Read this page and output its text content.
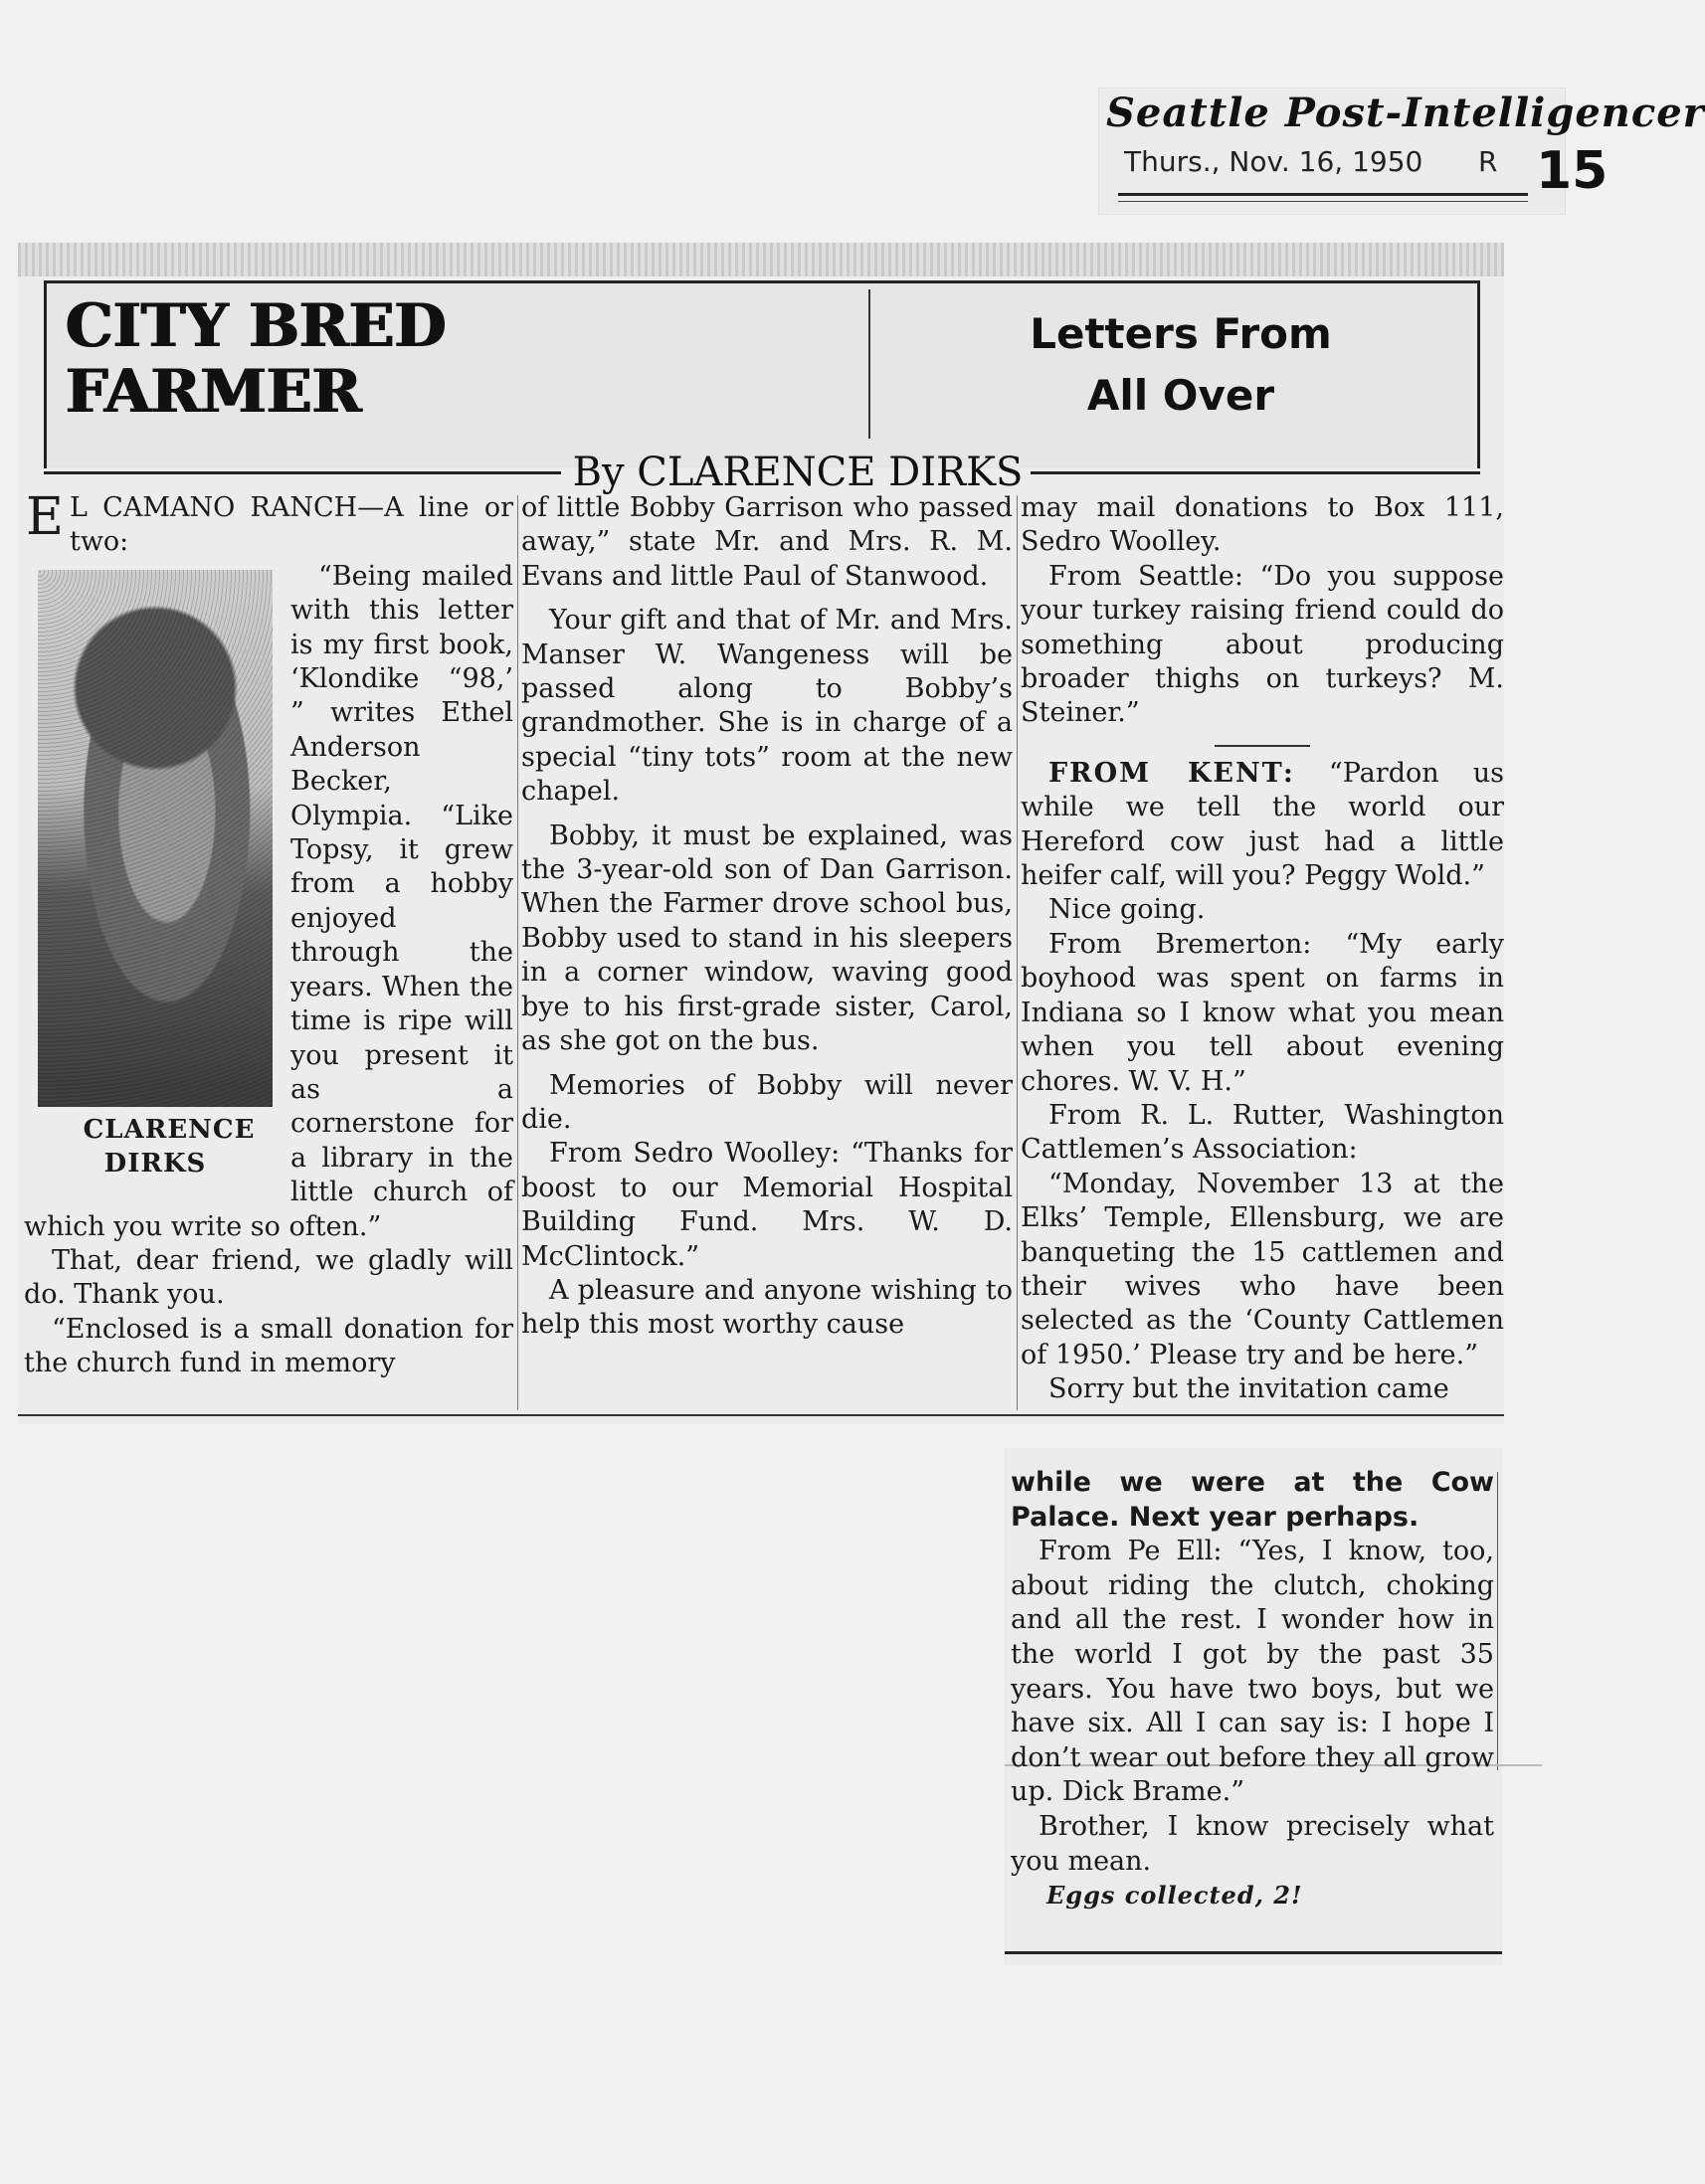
Seattle Post-Intelligencer
Thurs., Nov. 16, 1950 R 15
CITY BRED
FARMER
Letters From
All Over
By CLARENCE DIRKS

E L CAMANO RANCH—A line or two:

CLARENCE
DIRKS
“Being mailed with this letter is my first book, ‘Klondike “98,’ ” writes Ethel Anderson Becker, Olympia. “Like Topsy, it grew from a hobby enjoyed through the years. When the time is ripe will you present it as a cornerstone for a library in the little church of which you write so often.”

That, dear friend, we gladly will do. Thank you.

“Enclosed is a small donation for the church fund in memory

of little Bobby Garrison who passed away,” state Mr. and Mrs. R. M. Evans and little Paul of Stanwood.

Your gift and that of Mr. and Mrs. Manser W. Wangeness will be passed along to Bobby’s grandmother. She is in charge of a special “tiny tots” room at the new chapel.

Bobby, it must be explained, was the 3-year-old son of Dan Garrison. When the Farmer drove school bus, Bobby used to stand in his sleepers in a corner window, waving good bye to his first-grade sister, Carol, as she got on the bus.

Memories of Bobby will never die.

From Sedro Woolley: “Thanks for boost to our Memorial Hospital Building Fund. Mrs. W. D. McClintock.”

A pleasure and anyone wishing to help this most worthy cause

may mail donations to Box 111, Sedro Woolley.

From Seattle: “Do you suppose your turkey raising friend could do something about producing broader thighs on turkeys? M. Steiner.”

FROM KENT: “Pardon us while we tell the world our Hereford cow just had a little heifer calf, will you? Peggy Wold.”

Nice going.

From Bremerton: “My early boyhood was spent on farms in Indiana so I know what you mean when you tell about evening chores. W. V. H.”

From R. L. Rutter, Washington Cattlemen’s Association:

“Monday, November 13 at the Elks’ Temple, Ellensburg, we are banqueting the 15 cattlemen and their wives who have been selected as the ‘County Cattlemen of 1950.’ Please try and be here.”

Sorry but the invitation came

while we were at the Cow Palace. Next year perhaps.

From Pe Ell: “Yes, I know, too, about riding the clutch, choking and all the rest. I wonder how in the world I got by the past 35 years. You have two boys, but we have six. All I can say is: I hope I don’t wear out before they all grow up. Dick Brame.”

Brother, I know precisely what you mean.

Eggs collected, 2!
